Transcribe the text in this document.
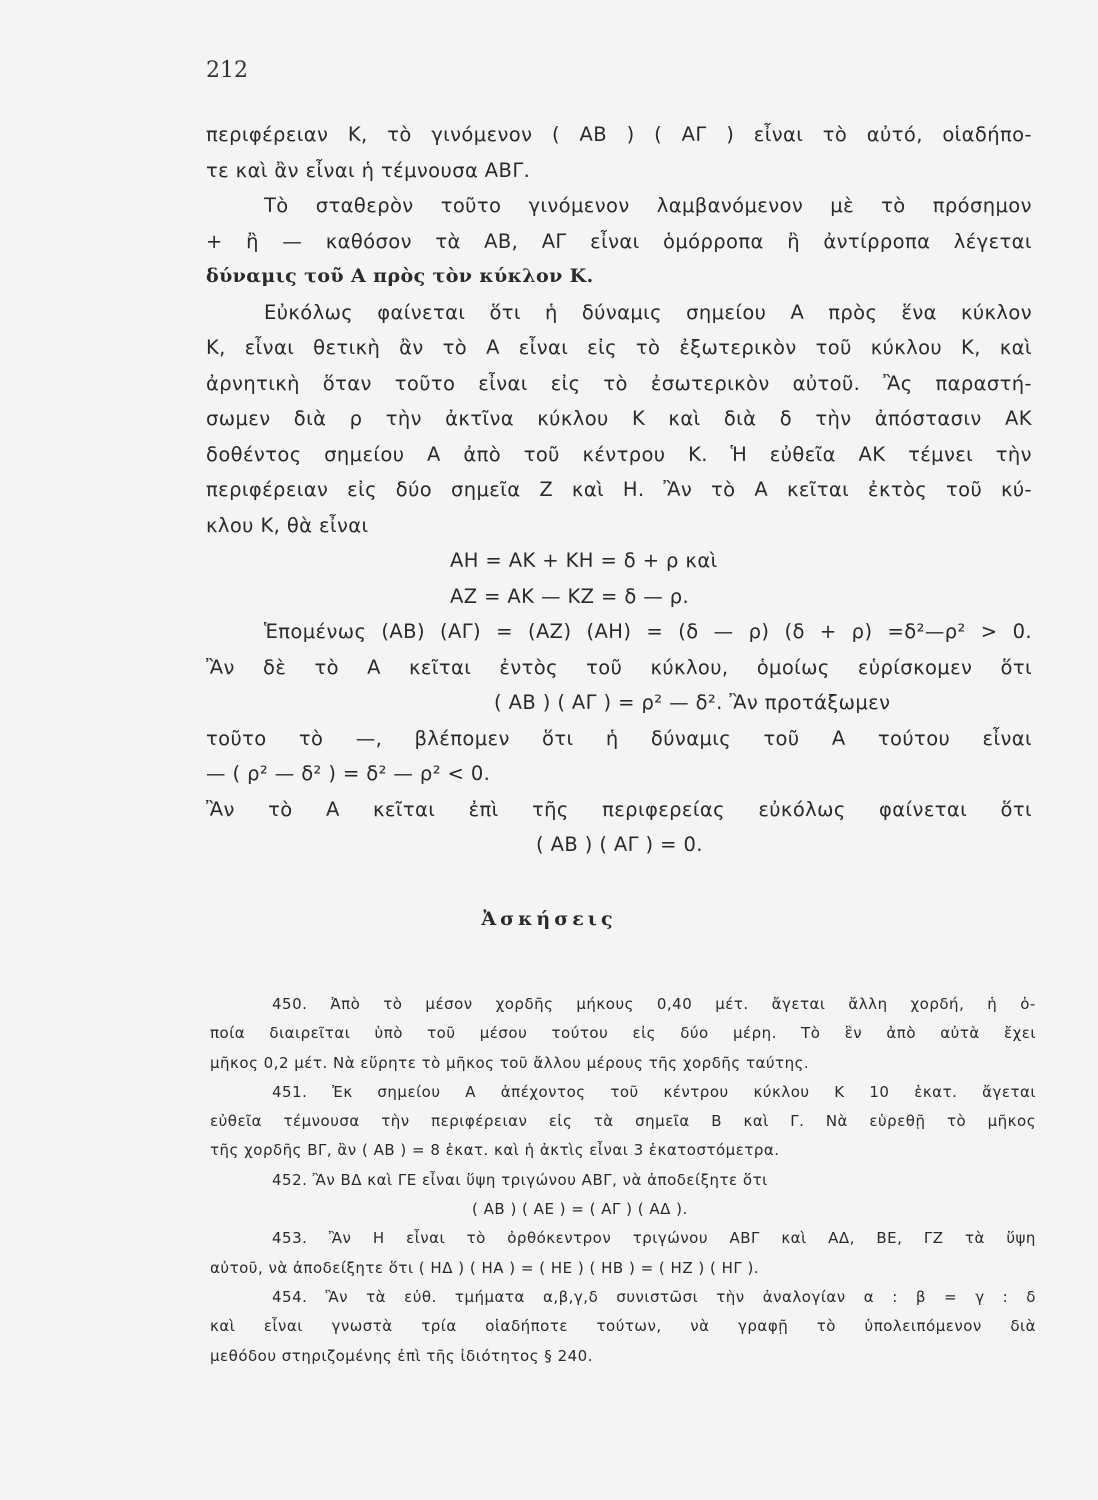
212
περιφέρειαν Κ, τὸ γινόμενον ( ΑΒ ) ( ΑΓ ) εἶναι τὸ αὐτό, οἱαδήπο-
τε καὶ ἂν εἶναι ἡ τέμνουσα ΑΒΓ.
Τὸ σταθερὸν τοῦτο γινόμενον λαμβανόμενον μὲ τὸ πρόσημον
+ ἢ — καθόσον τὰ ΑΒ, ΑΓ εἶναι ὁμόρροπα ἢ ἀντίρροπα λέγεται
δύναμις τοῦ Α πρὸς τὸν κύκλον Κ.
Εὐκόλως φαίνεται ὅτι ἡ δύναμις σημείου Α πρὸς ἕνα κύκλον
Κ, εἶναι θετικὴ ἂν τὸ Α εἶναι εἰς τὸ ἐξωτερικὸν τοῦ κύκλου Κ, καὶ
ἀρνητικὴ ὅταν τοῦτο εἶναι εἰς τὸ ἐσωτερικὸν αὐτοῦ. Ἂς παραστή-
σωμεν διὰ ρ τὴν ἀκτῖνα κύκλου Κ καὶ διὰ δ τὴν ἀπόστασιν ΑΚ
δοθέντος σημείου Α ἀπὸ τοῦ κέντρου Κ. Ἡ εὐθεῖα ΑΚ τέμνει τὴν
περιφέρειαν εἰς δύο σημεῖα Ζ καὶ Η. Ἂν τὸ Α κεῖται ἐκτὸς τοῦ κύ-
κλου Κ, θὰ εἶναι
ΑΗ = ΑΚ + ΚΗ = δ + ρ καὶ
ΑΖ = ΑΚ — ΚΖ = δ — ρ.
Ἑπομένως (ΑΒ) (ΑΓ) = (ΑΖ) (ΑΗ) = (δ — ρ) (δ + ρ) =δ²—ρ² > 0.
Ἂν δὲ τὸ Α κεῖται ἐντὸς τοῦ κύκλου, ὁμοίως εὑρίσκομεν ὅτι
( ΑΒ ) ( ΑΓ ) = ρ² — δ². Ἂν προτάξωμεν
τοῦτο τὸ —, βλέπομεν ὅτι ἡ δύναμις τοῦ Α τούτου εἶναι
— ( ρ² — δ² ) = δ² — ρ² < 0.
Ἂν τὸ Α κεῖται ἐπὶ τῆς περιφερείας εὐκόλως φαίνεται ὅτι
( ΑΒ ) ( ΑΓ ) = 0.
Ἀσκήσεις
450. Ἀπὸ τὸ μέσον χορδῆς μήκους 0,40 μέτ. ἄγεται ἄλλη χορδή, ἡ ὁ-
ποία διαιρεῖται ὑπὸ τοῦ μέσου τούτου εἰς δύο μέρη. Τὸ ἓν ἀπὸ αὐτὰ ἔχει
μῆκος 0,2 μέτ. Νὰ εὕρητε τὸ μῆκος τοῦ ἄλλου μέρους τῆς χορδῆς ταύτης.
451. Ἐκ σημείου Α ἀπέχοντος τοῦ κέντρου κύκλου Κ 10 ἑκατ. ἄγεται
εὐθεῖα τέμνουσα τὴν περιφέρειαν εἰς τὰ σημεῖα Β καὶ Γ. Νὰ εὑρεθῇ τὸ μῆκος
τῆς χορδῆς ΒΓ, ἂν ( ΑΒ ) = 8 ἑκατ. καὶ ἡ ἀκτὶς εἶναι 3 ἑκατοστόμετρα.
452. Ἂν ΒΔ καὶ ΓΕ εἶναι ὕψη τριγώνου ΑΒΓ, νὰ ἀποδείξητε ὅτι
( ΑΒ ) ( ΑΕ ) = ( ΑΓ ) ( ΑΔ ).
453. Ἂν Η εἶναι τὸ ὀρθόκεντρον τριγώνου ΑΒΓ καὶ ΑΔ, ΒΕ, ΓΖ τὰ ὕψη
αὐτοῦ, νὰ ἀποδείξητε ὅτι ( ΗΔ ) ( ΗΑ ) = ( ΗΕ ) ( ΗΒ ) = ( ΗΖ ) ( ΗΓ ).
454. Ἂν τὰ εὐθ. τμήματα α,β,γ,δ συνιστῶσι τὴν ἀναλογίαν α : β = γ : δ
καὶ εἶναι γνωστὰ τρία οἱαδήποτε τούτων, νὰ γραφῇ τὸ ὑπολειπόμενον διὰ
μεθόδου στηριζομένης ἐπὶ τῆς ἰδιότητος § 240.
